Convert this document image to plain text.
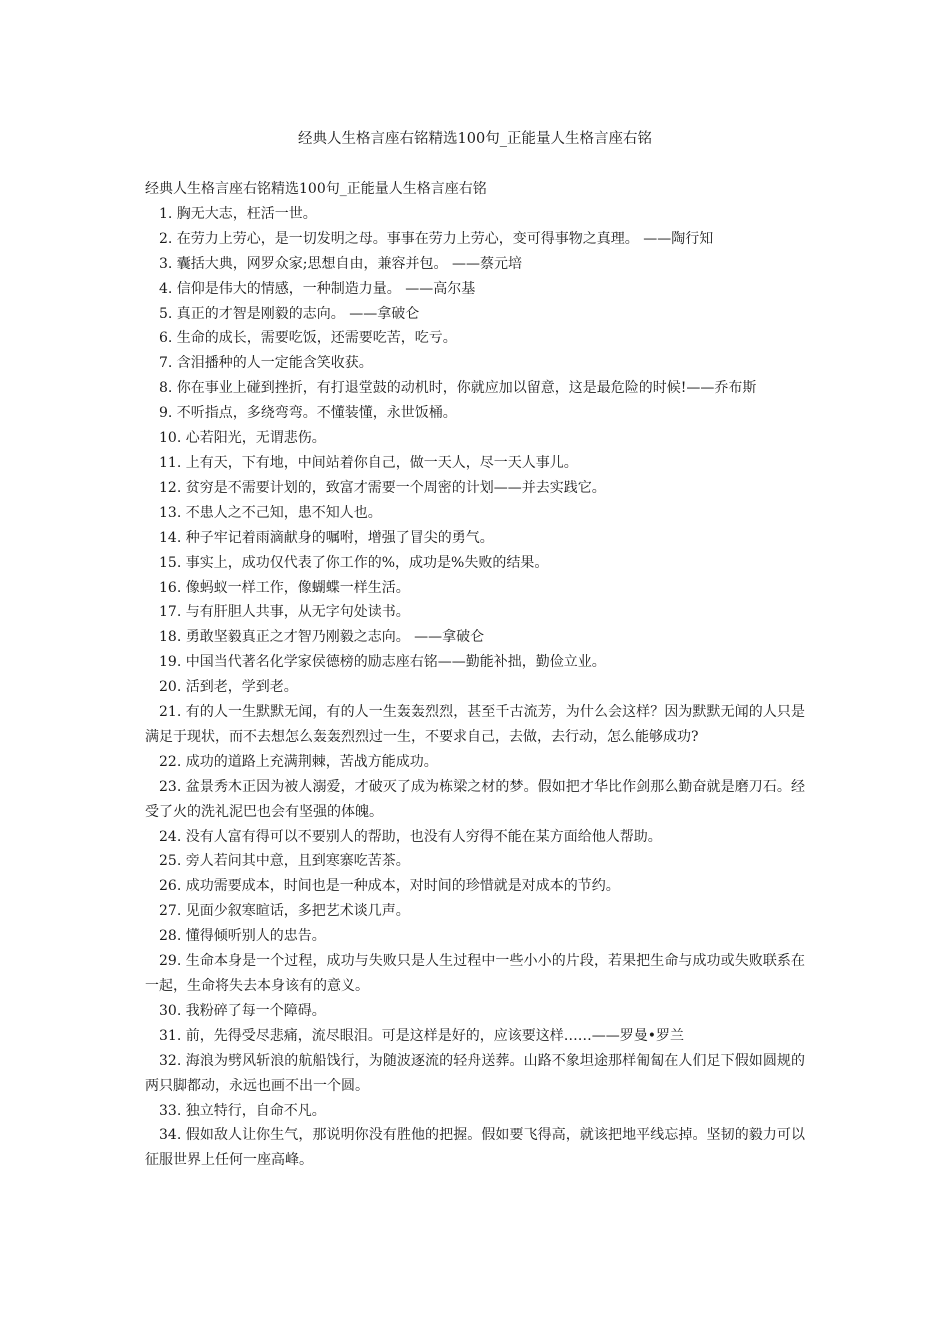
经典人生格言座右铭精选100句_正能量人生格言座右铭

经典人生格言座右铭精选100句_正能量人生格言座右铭

1. 胸无大志，枉活一世。

2. 在劳力上劳心，是一切发明之母。事事在劳力上劳心，变可得事物之真理。 ——陶行知

3. 囊括大典，网罗众家;思想自由，兼容并包。 ——蔡元培

4. 信仰是伟大的情感，一种制造力量。 ——高尔基

5. 真正的才智是刚毅的志向。 ——拿破仑

6. 生命的成长，需要吃饭，还需要吃苦，吃亏。

7. 含泪播种的人一定能含笑收获。

8. 你在事业上碰到挫折，有打退堂鼓的动机时，你就应加以留意，这是最危险的时候!——乔布斯

9. 不听指点，多绕弯弯。不懂装懂，永世饭桶。

10. 心若阳光，无谓悲伤。

11. 上有天，下有地，中间站着你自己，做一天人，尽一天人事儿。

12. 贫穷是不需要计划的，致富才需要一个周密的计划——并去实践它。

13. 不患人之不己知，患不知人也。

14. 种子牢记着雨滴献身的嘱咐，增强了冒尖的勇气。

15. 事实上，成功仅代表了你工作的%，成功是%失败的结果。

16. 像蚂蚁一样工作，像蝴蝶一样生活。

17. 与有肝胆人共事，从无字句处读书。

18. 勇敢坚毅真正之才智乃刚毅之志向。 ——拿破仑

19. 中国当代著名化学家侯德榜的励志座右铭——勤能补拙，勤俭立业。

20. 活到老，学到老。

21. 有的人一生默默无闻，有的人一生轰轰烈烈，甚至千古流芳，为什么会这样？因为默默无闻的人只是满足于现状，而不去想怎么轰轰烈烈过一生，不要求自己，去做，去行动，怎么能够成功?

22. 成功的道路上充满荆棘，苦战方能成功。

23. 盆景秀木正因为被人溺爱，才破灭了成为栋梁之材的梦。假如把才华比作剑那么勤奋就是磨刀石。经受了火的洗礼泥巴也会有坚强的体魄。

24. 没有人富有得可以不要别人的帮助，也没有人穷得不能在某方面给他人帮助。

25. 旁人若问其中意，且到寒寨吃苦茶。

26. 成功需要成本，时间也是一种成本，对时间的珍惜就是对成本的节约。

27. 见面少叙寒暄话，多把艺术谈几声。

28. 懂得倾听别人的忠告。

29. 生命本身是一个过程，成功与失败只是人生过程中一些小小的片段，若果把生命与成功或失败联系在一起，生命将失去本身该有的意义。

30. 我粉碎了每一个障碍。

31. 前，先得受尽悲痛，流尽眼泪。可是这样是好的，应该要这样……——罗曼•罗兰

32. 海浪为劈风斩浪的航船饯行，为随波逐流的轻舟送葬。山路不象坦途那样匍匐在人们足下假如圆规的两只脚都动，永远也画不出一个圆。

33. 独立特行，自命不凡。

34. 假如敌人让你生气，那说明你没有胜他的把握。假如要飞得高，就该把地平线忘掉。坚韧的毅力可以征服世界上任何一座高峰。
